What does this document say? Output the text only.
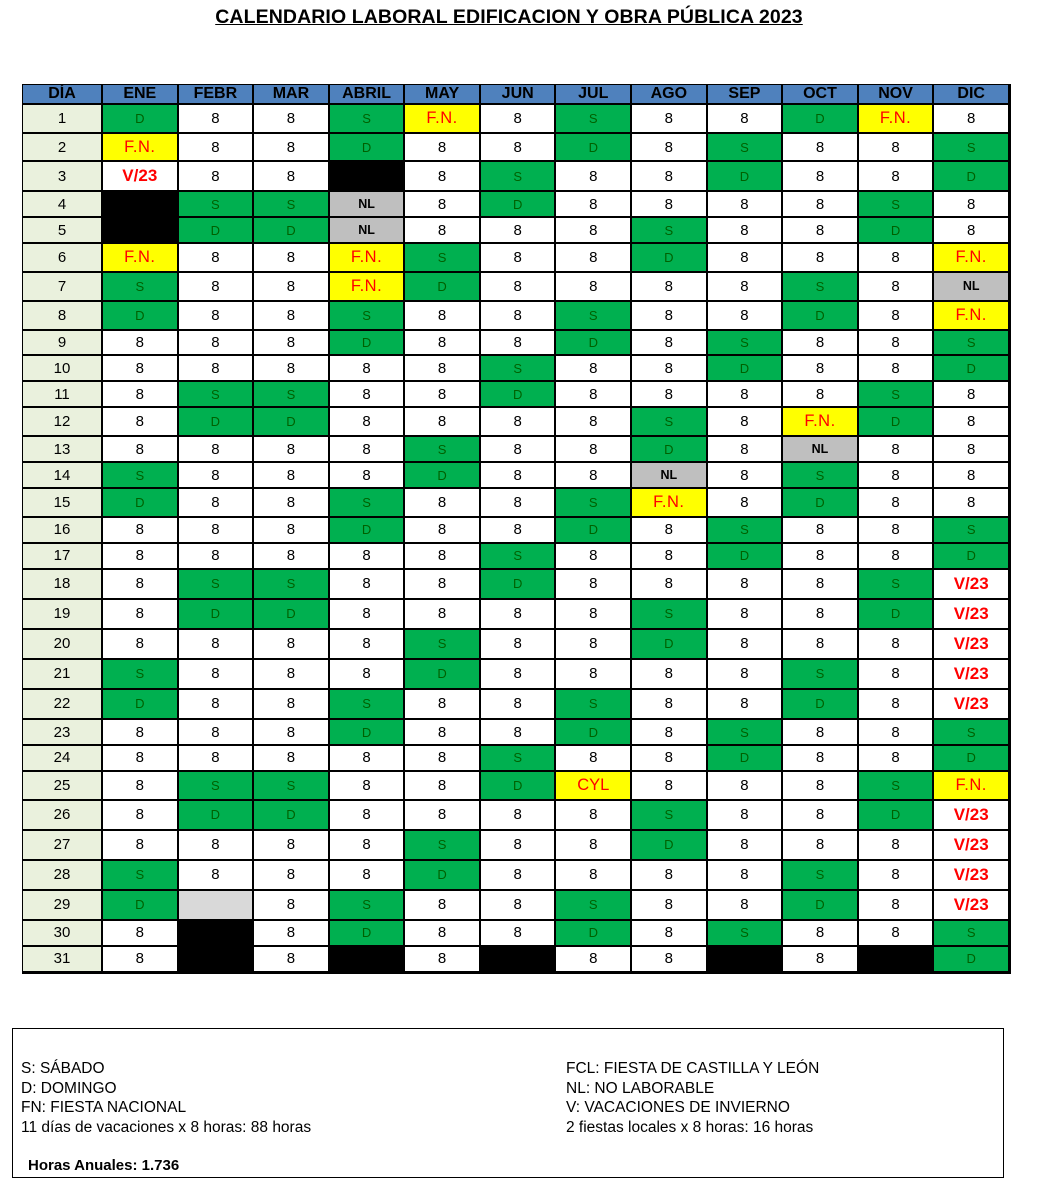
CALENDARIO LABORAL EDIFICACION Y OBRA PÚBLICA 2023
DÍA	ENE	FEBR	MAR	ABRIL	MAY	JUN	JUL	AGO	SEP	OCT	NOV	DIC
1	D	8	8	S	F.N.	8	S	8	8	D	F.N.	8
2	F.N.	8	8	D	8	8	D	8	S	8	8	S
3	V/23	8	8		8	S	8	8	D	8	8	D
4		S	S	NL	8	D	8	8	8	8	S	8
5		D	D	NL	8	8	8	S	8	8	D	8
6	F.N.	8	8	F.N.	S	8	8	D	8	8	8	F.N.
7	S	8	8	F.N.	D	8	8	8	8	S	8	NL
8	D	8	8	S	8	8	S	8	8	D	8	F.N.
9	8	8	8	D	8	8	D	8	S	8	8	S
10	8	8	8	8	8	S	8	8	D	8	8	D
11	8	S	S	8	8	D	8	8	8	8	S	8
12	8	D	D	8	8	8	8	S	8	F.N.	D	8
13	8	8	8	8	S	8	8	D	8	NL	8	8
14	S	8	8	8	D	8	8	NL	8	S	8	8
15	D	8	8	S	8	8	S	F.N.	8	D	8	8
16	8	8	8	D	8	8	D	8	S	8	8	S
17	8	8	8	8	8	S	8	8	D	8	8	D
18	8	S	S	8	8	D	8	8	8	8	S	V/23
19	8	D	D	8	8	8	8	S	8	8	D	V/23
20	8	8	8	8	S	8	8	D	8	8	8	V/23
21	S	8	8	8	D	8	8	8	8	S	8	V/23
22	D	8	8	S	8	8	S	8	8	D	8	V/23
23	8	8	8	D	8	8	D	8	S	8	8	S
24	8	8	8	8	8	S	8	8	D	8	8	D
25	8	S	S	8	8	D	CYL	8	8	8	S	F.N.
26	8	D	D	8	8	8	8	S	8	8	D	V/23
27	8	8	8	8	S	8	8	D	8	8	8	V/23
28	S	8	8	8	D	8	8	8	8	S	8	V/23
29	D		8	S	8	8	S	8	8	D	8	V/23
30	8		8	D	8	8	D	8	S	8	8	S
31	8		8		8		8	8		8		D
S: SÁBADO
D: DOMINGO
FN: FIESTA NACIONAL
11 días de vacaciones x 8 horas: 88 horas
FCL: FIESTA DE CASTILLA Y LEÓN
NL: NO LABORABLE
V: VACACIONES DE INVIERNO
2 fiestas locales x 8 horas: 16 horas
Horas Anuales: 1.736
